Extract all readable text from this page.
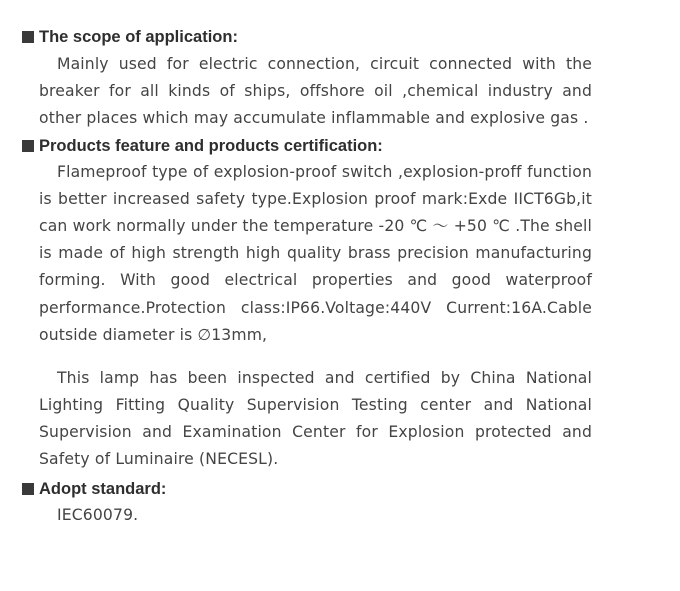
The scope of application:

Mainly used for electric connection, circuit connected with the breaker for all kinds of ships, offshore oil ,chemical industry and other places which may accumulate inflammable and explosive gas .

Products feature and products certification:

Flameproof type of explosion-proof switch ,explosion-proff function is better increased safety type.Explosion proof mark:Exde IICT6Gb,it can work normally under the temperature -20 ℃ ～ +50 ℃ .The shell is made of high strength high quality brass precision manufacturing forming. With good electrical properties and good waterproof performance.Protection class:IP66.Voltage:440V Current:16A.Cable outside diameter is ∅13mm,

This lamp has been inspected and certified by China National Lighting Fitting Quality Supervision Testing center and National Supervision and Examination Center for Explosion protected and Safety of Luminaire (NECESL).

Adopt standard:

IEC60079.
